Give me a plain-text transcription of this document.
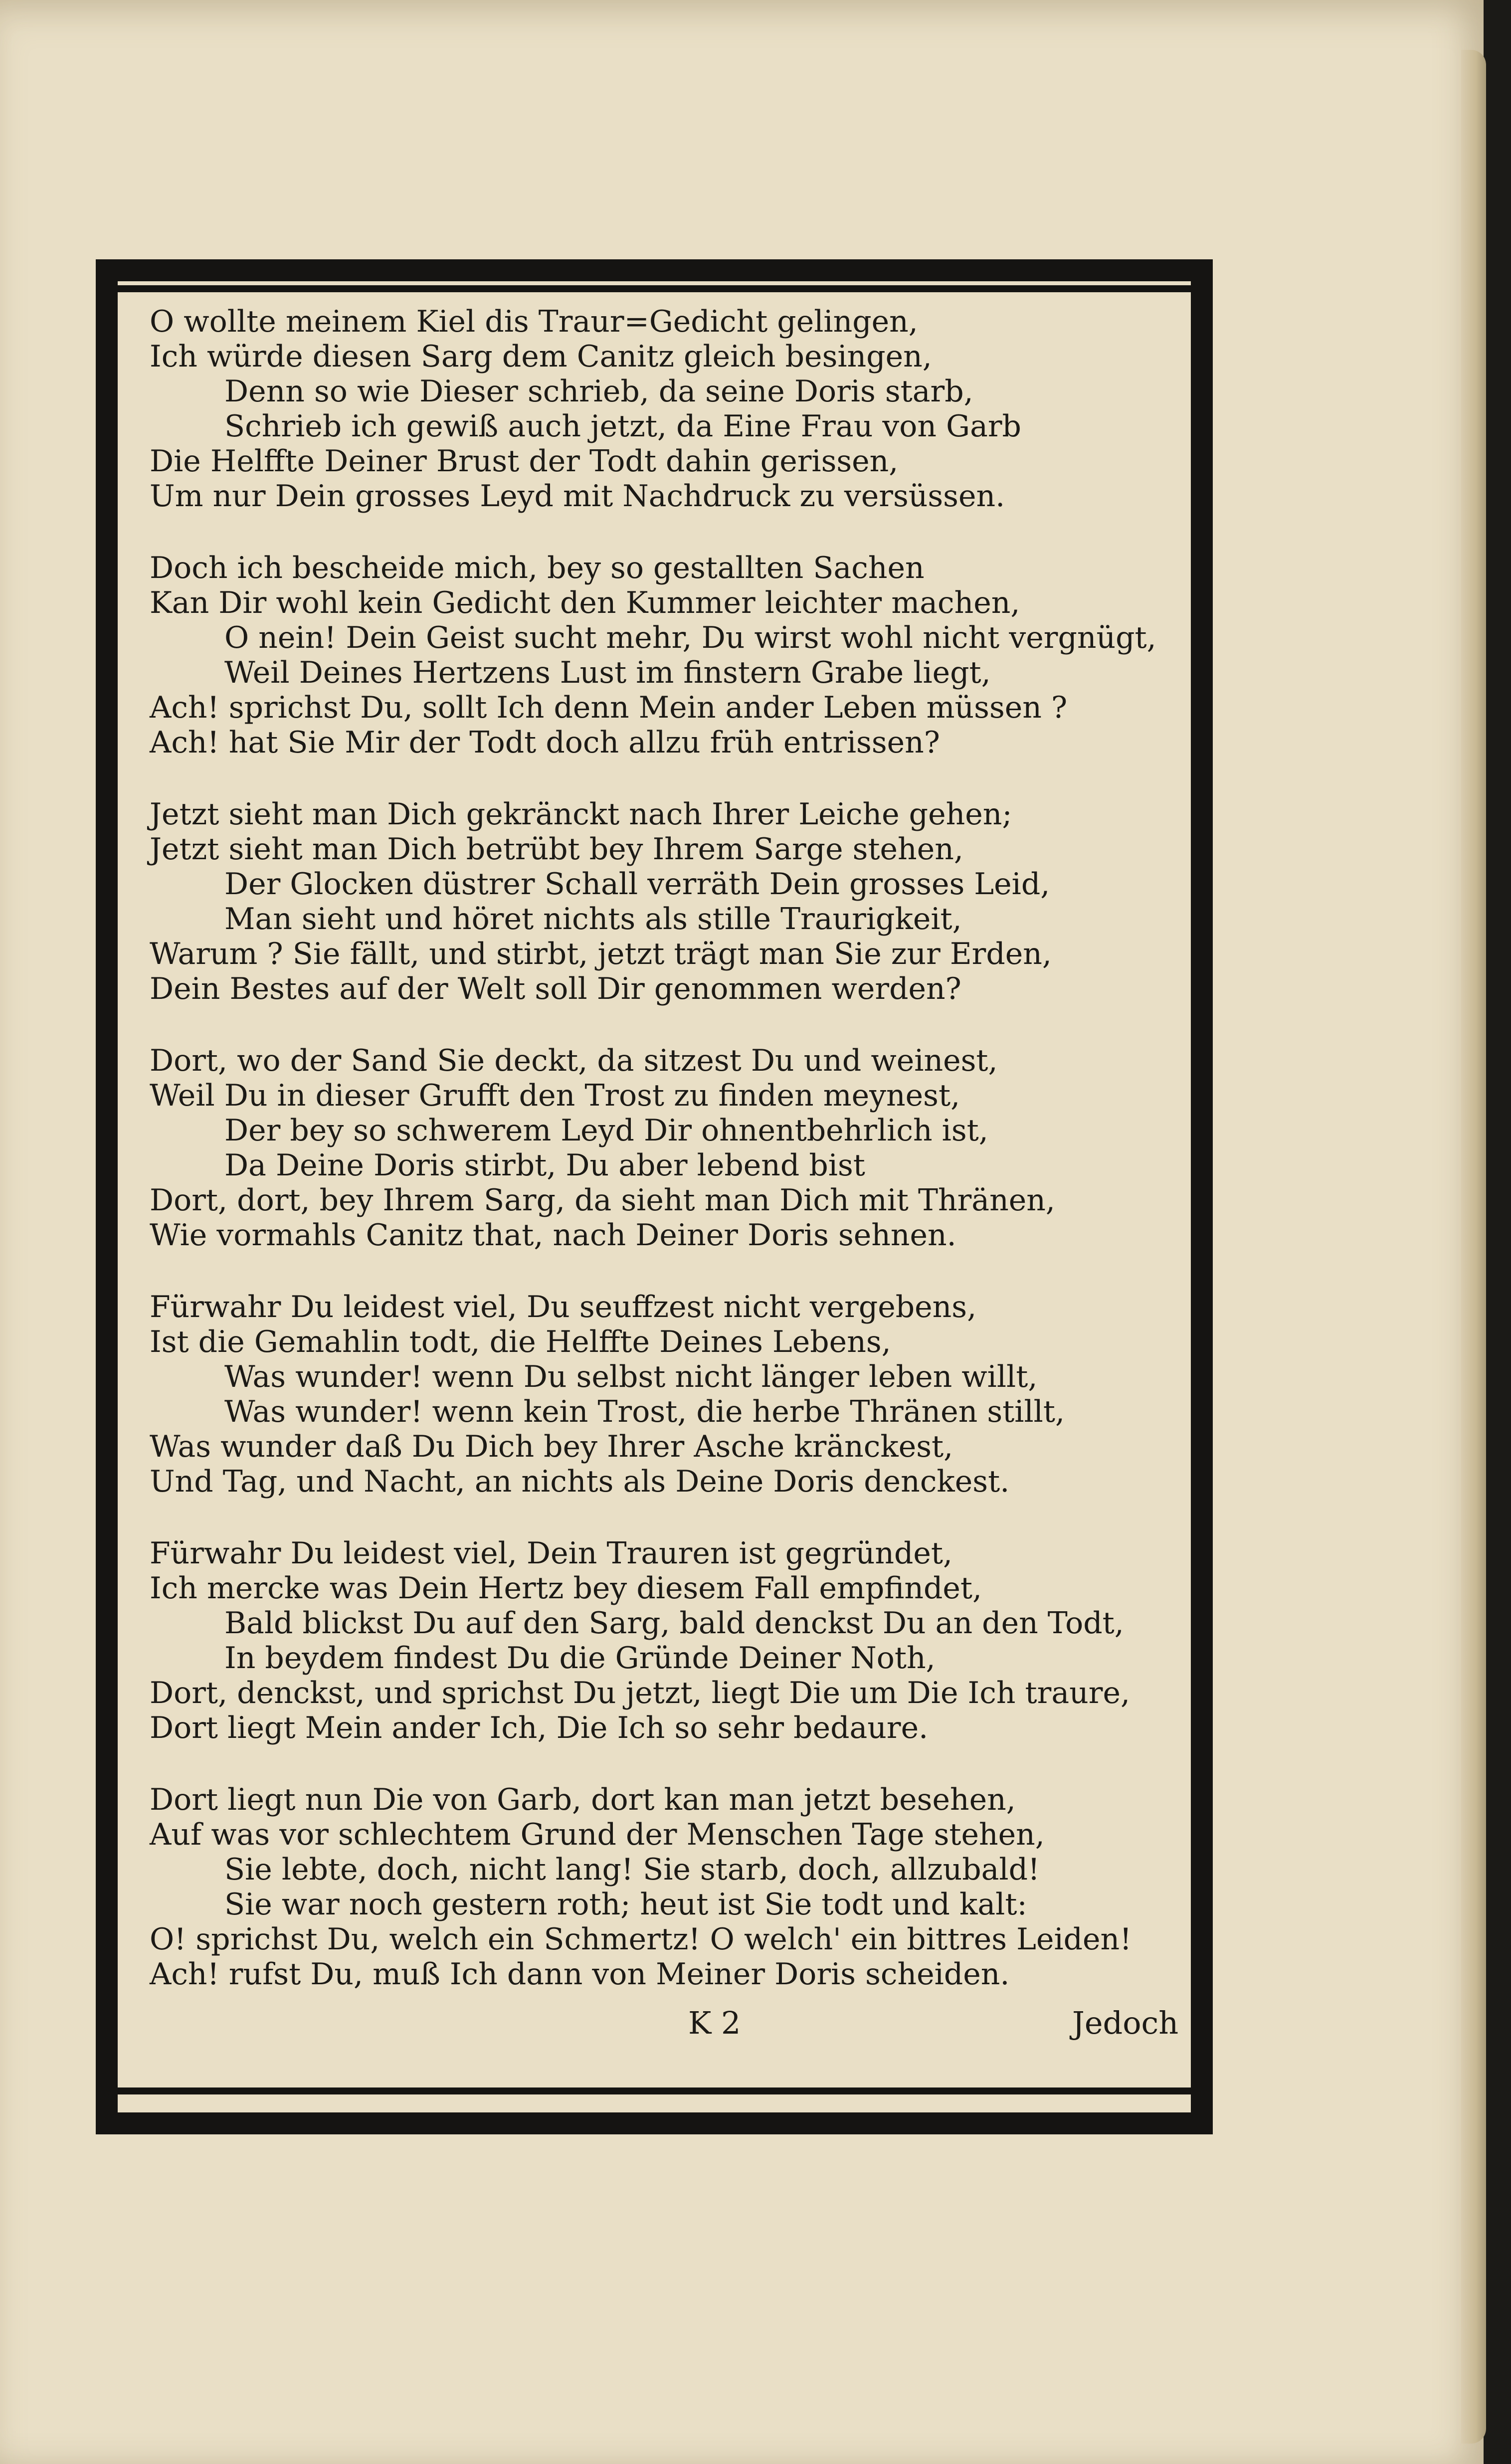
O wollte meinem Kiel dis Traur=Gedicht gelingen,
Ich würde diesen Sarg dem Canitz gleich besingen,
Denn so wie Dieser schrieb, da seine Doris starb,
Schrieb ich gewiß auch jetzt, da Eine Frau von Garb
Die Helffte Deiner Brust der Todt dahin gerissen,
Um nur Dein grosses Leyd mit Nachdruck zu versüssen.
Doch ich bescheide mich, bey so gestallten Sachen
Kan Dir wohl kein Gedicht den Kummer leichter machen,
O nein! Dein Geist sucht mehr, Du wirst wohl nicht vergnügt,
Weil Deines Hertzens Lust im finstern Grabe liegt,
Ach! sprichst Du, sollt Ich denn Mein ander Leben müssen ?
Ach! hat Sie Mir der Todt doch allzu früh entrissen?
Jetzt sieht man Dich gekränckt nach Ihrer Leiche gehen;
Jetzt sieht man Dich betrübt bey Ihrem Sarge stehen,
Der Glocken düstrer Schall verräth Dein grosses Leid,
Man sieht und höret nichts als stille Traurigkeit,
Warum ? Sie fällt, und stirbt, jetzt trägt man Sie zur Erden,
Dein Bestes auf der Welt soll Dir genommen werden?
Dort, wo der Sand Sie deckt, da sitzest Du und weinest,
Weil Du in dieser Grufft den Trost zu finden meynest,
Der bey so schwerem Leyd Dir ohnentbehrlich ist,
Da Deine Doris stirbt, Du aber lebend bist
Dort, dort, bey Ihrem Sarg, da sieht man Dich mit Thränen,
Wie vormahls Canitz that, nach Deiner Doris sehnen.
Fürwahr Du leidest viel, Du seuffzest nicht vergebens,
Ist die Gemahlin todt, die Helffte Deines Lebens,
Was wunder! wenn Du selbst nicht länger leben willt,
Was wunder! wenn kein Trost, die herbe Thränen stillt,
Was wunder daß Du Dich bey Ihrer Asche kränckest,
Und Tag, und Nacht, an nichts als Deine Doris denckest.
Fürwahr Du leidest viel, Dein Trauren ist gegründet,
Ich mercke was Dein Hertz bey diesem Fall empfindet,
Bald blickst Du auf den Sarg, bald denckst Du an den Todt,
In beydem findest Du die Gründe Deiner Noth,
Dort, denckst, und sprichst Du jetzt, liegt Die um Die Ich traure,
Dort liegt Mein ander Ich, Die Ich so sehr bedaure.
Dort liegt nun Die von Garb, dort kan man jetzt besehen,
Auf was vor schlechtem Grund der Menschen Tage stehen,
Sie lebte, doch, nicht lang! Sie starb, doch, allzubald!
Sie war noch gestern roth; heut ist Sie todt und kalt:
O! sprichst Du, welch ein Schmertz! O welch' ein bittres Leiden!
Ach! rufst Du, muß Ich dann von Meiner Doris scheiden.
K 2	Jedoch
